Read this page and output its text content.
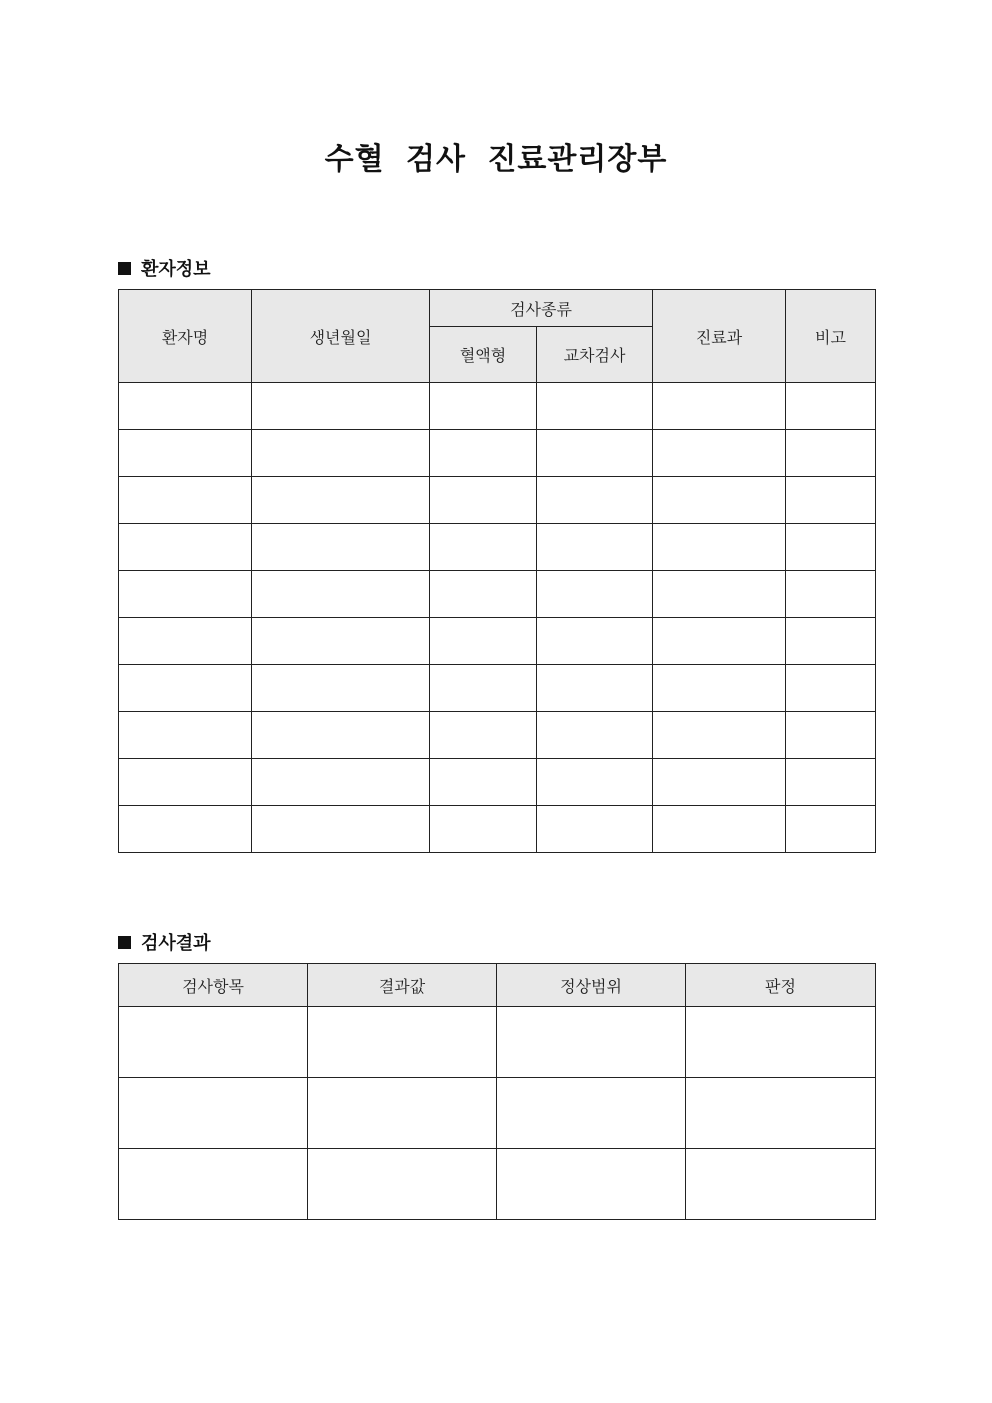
수혈 검사 진료관리장부
환자정보
환자명	생년월일	검사종류		진료과	비고
		혈액형	교차검사		

검사결과
검사항목	결과값	정상범위	판정
